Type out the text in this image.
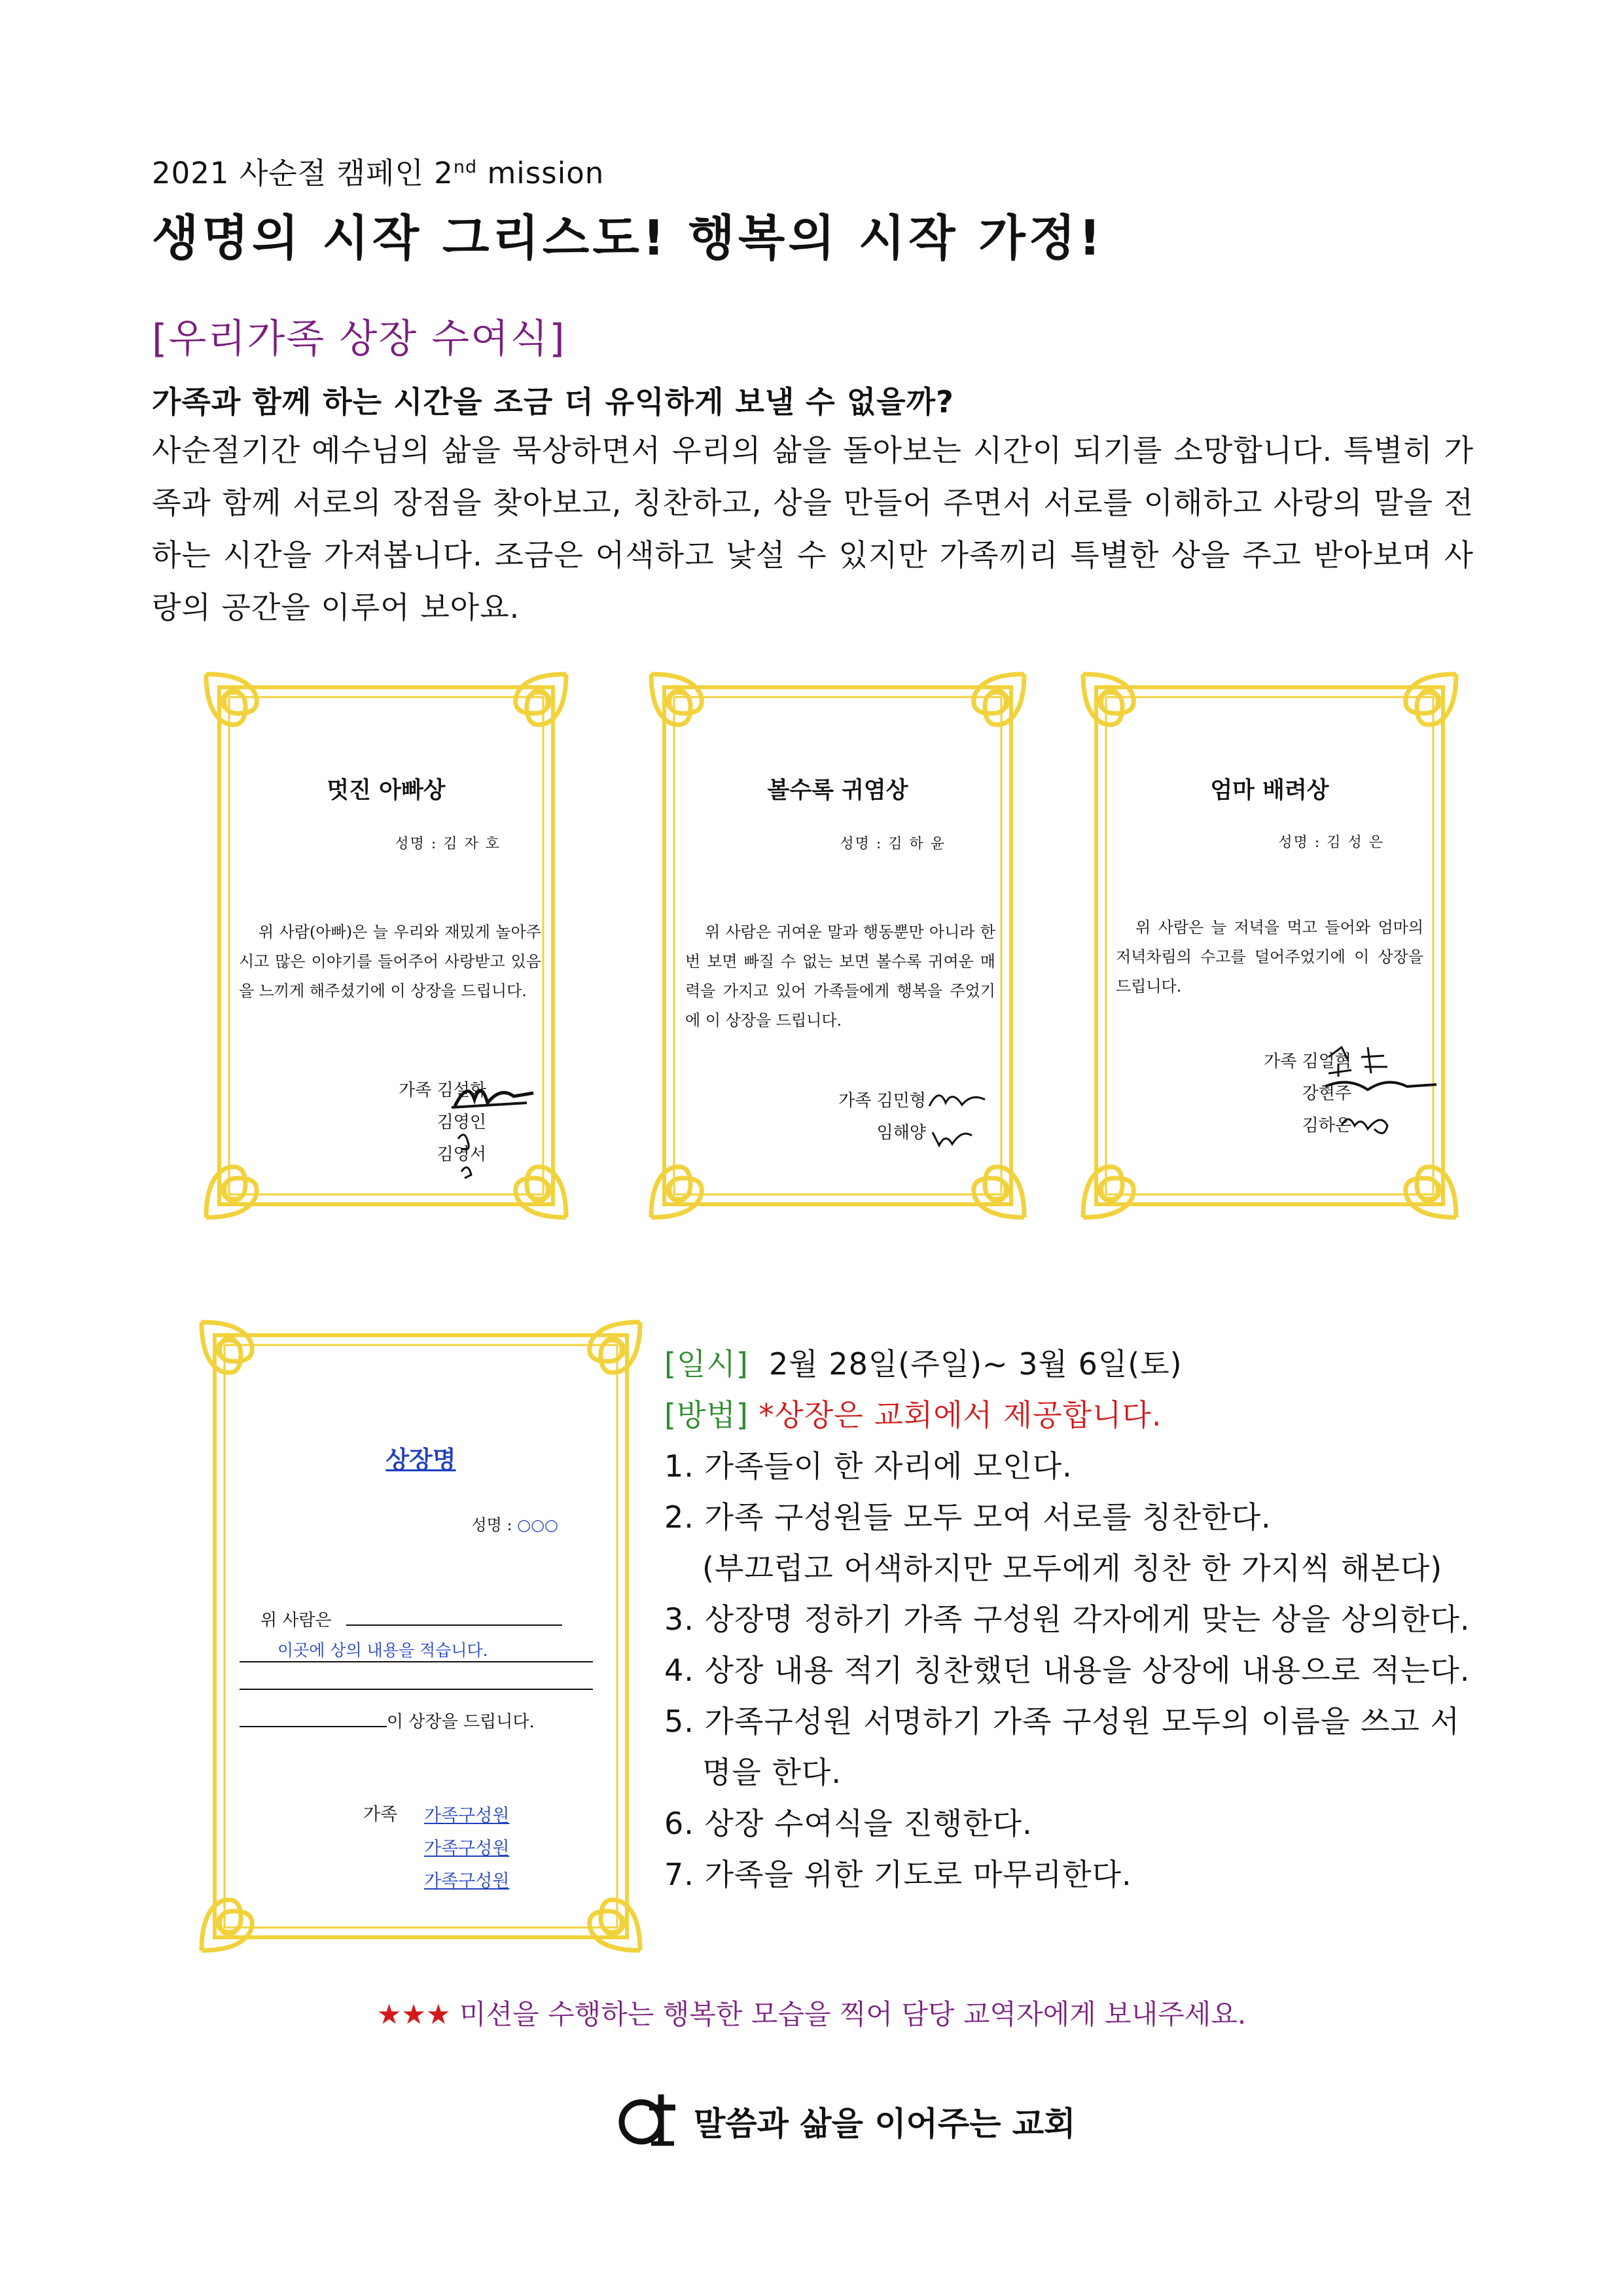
2021 사순절 캠페인 2nd mission
생명의 시작 그리스도! 행복의 시작 가정!
[우리가족 상장 수여식]
가족과 함께 하는 시간을 조금 더 유익하게 보낼 수 없을까?
사순절기간 예수님의 삶을 묵상하면서 우리의 삶을 돌아보는 시간이 되기를 소망합니다. 특별히 가족과 함께 서로의 장점을 찾아보고, 칭찬하고, 상을 만들어 주면서 서로를 이해하고 사랑의 말을 전하는 시간을 가져봅니다. 조금은 어색하고 낯설 수 있지만 가족끼리 특별한 상을 주고 받아보며 사랑의 공간을 이루어 보아요.
멋진 아빠상
성명 : 김 자 호
위 사람(아빠)은 늘 우리와 재밌게 놀아주시고 많은 이야기를 들어주어 사랑받고 있음을 느끼게 해주셨기에 이 상장을 드립니다.
가족 김설화
김영인
김영서
볼수록 귀염상
성명 : 김 하 윤
위 사람은 귀여운 말과 행동뿐만 아니라 한 번 보면 빠질 수 없는 보면 볼수록 귀여운 매력을 가지고 있어 가족들에게 행복을 주었기에 이 상장을 드립니다.
가족 김민형
임해양
엄마 배려상
성명 : 김 성 은
위 사람은 늘 저녁을 먹고 들어와 엄마의 저녁차림의 수고를 덜어주었기에 이 상장을 드립니다.
가족 김일혁
강현주
김하은
상장명
성명 : ○○○
위 사람은
이곳에 상의 내용을 적습니다.
이 상장을 드립니다.
가족 가족구성원
가족구성원
가족구성원
[일시] 2월 28일(주일)~ 3월 6일(토)
[방법] *상장은 교회에서 제공합니다.
1. 가족들이 한 자리에 모인다.
2. 가족 구성원들 모두 모여 서로를 칭찬한다.
(부끄럽고 어색하지만 모두에게 칭찬 한 가지씩 해본다)
3. 상장명 정하기 가족 구성원 각자에게 맞는 상을 상의한다.
4. 상장 내용 적기 칭찬했던 내용을 상장에 내용으로 적는다.
5. 가족구성원 서명하기 가족 구성원 모두의 이름을 쓰고 서
명을 한다.
6. 상장 수여식을 진행한다.
7. 가족을 위한 기도로 마무리한다.
★★★ 미션을 수행하는 행복한 모습을 찍어 담당 교역자에게 보내주세요.
말씀과 삶을 이어주는 교회
